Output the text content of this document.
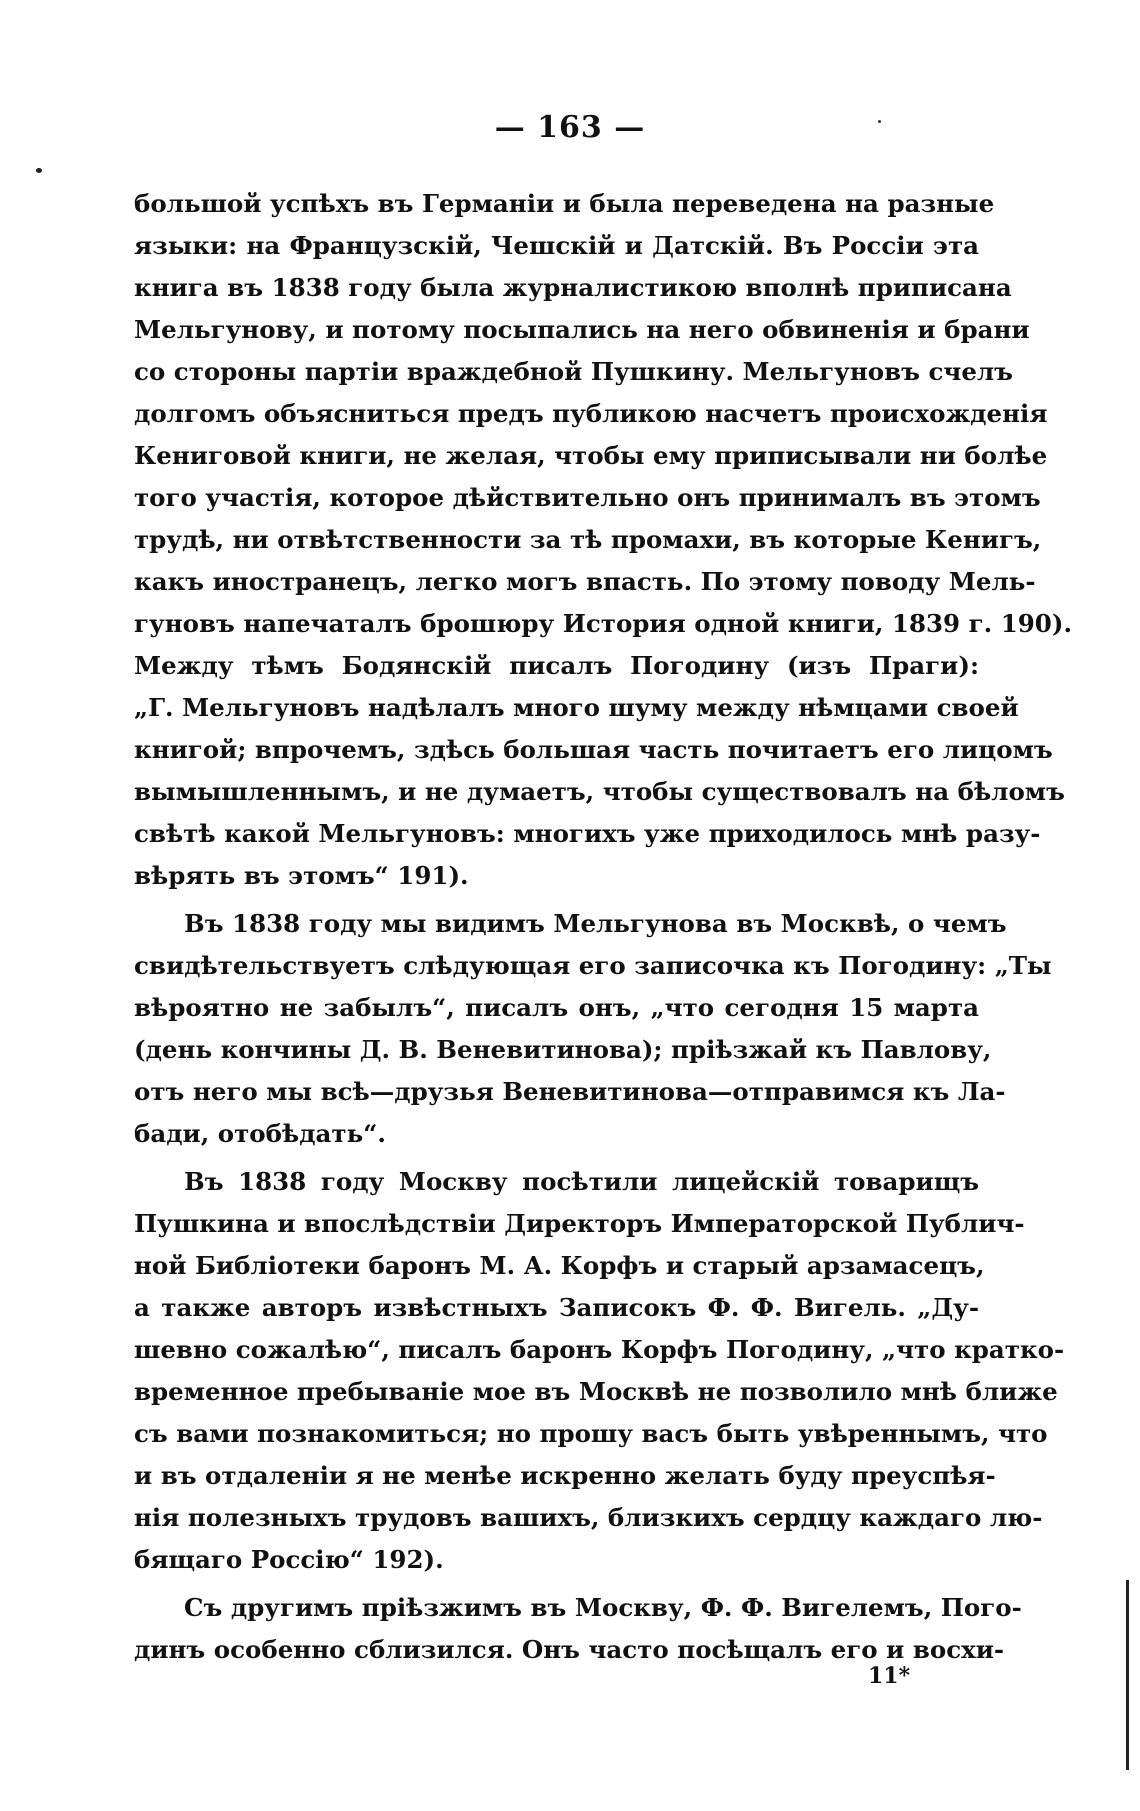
— 163 —
большой успѣхъ въ Германіи и была переведена на разные
языки: на Французскій, Чешскій и Датскій. Въ Россіи эта
книга въ 1838 году была журналистикою вполнѣ приписана
Мельгунову, и потому посыпались на него обвиненія и брани
со стороны партіи враждебной Пушкину. Мельгуновъ счелъ
долгомъ объясниться предъ публикою насчетъ происхожденія
Кениговой книги, не желая, чтобы ему приписывали ни болѣе
того участія, которое дѣйствительно онъ принималъ въ этомъ
трудѣ, ни отвѣтственности за тѣ промахи, въ которые Кенигъ,
какъ иностранецъ, легко могъ впасть. По этому поводу Мель-
гуновъ напечаталъ брошюру История одной книги, 1839 г. 190).
Между тѣмъ Бодянскій писалъ Погодину (изъ Праги):
„Г. Мельгуновъ надѣлалъ много шуму между нѣмцами своей
книгой; впрочемъ, здѣсь большая часть почитаетъ его лицомъ
вымышленнымъ, и не думаетъ, чтобы существовалъ на бѣломъ
свѣтѣ какой Мельгуновъ: многихъ уже приходилось мнѣ разу-
вѣрять въ этомъ“ 191).
Въ 1838 году мы видимъ Мельгунова въ Москвѣ, о чемъ
свидѣтельствуетъ слѣдующая его записочка къ Погодину: „Ты
вѣроятно не забылъ“, писалъ онъ, „что сегодня 15 марта
(день кончины Д. В. Веневитинова); пріѣзжай къ Павлову,
отъ него мы всѣ—друзья Веневитинова—отправимся къ Ла-
бади, отобѣдать“.
Въ 1838 году Москву посѣтили лицейскій товарищъ
Пушкина и впослѣдствіи Директоръ Императорской Публич-
ной Библіотеки баронъ М. А. Корфъ и старый арзамасецъ,
а также авторъ извѣстныхъ Записокъ Ф. Ф. Вигель. „Ду-
шевно сожалѣю“, писалъ баронъ Корфъ Погодину, „что кратко-
временное пребываніе мое въ Москвѣ не позволило мнѣ ближе
съ вами познакомиться; но прошу васъ быть увѣреннымъ, что
и въ отдаленіи я не менѣе искренно желать буду преуспѣя-
нія полезныхъ трудовъ вашихъ, близкихъ сердцу каждаго лю-
бящаго Россію“ 192).
Съ другимъ пріѣзжимъ въ Москву, Ф. Ф. Вигелемъ, Пого-
динъ особенно сблизился. Онъ часто посѣщалъ его и восхи-
11*
